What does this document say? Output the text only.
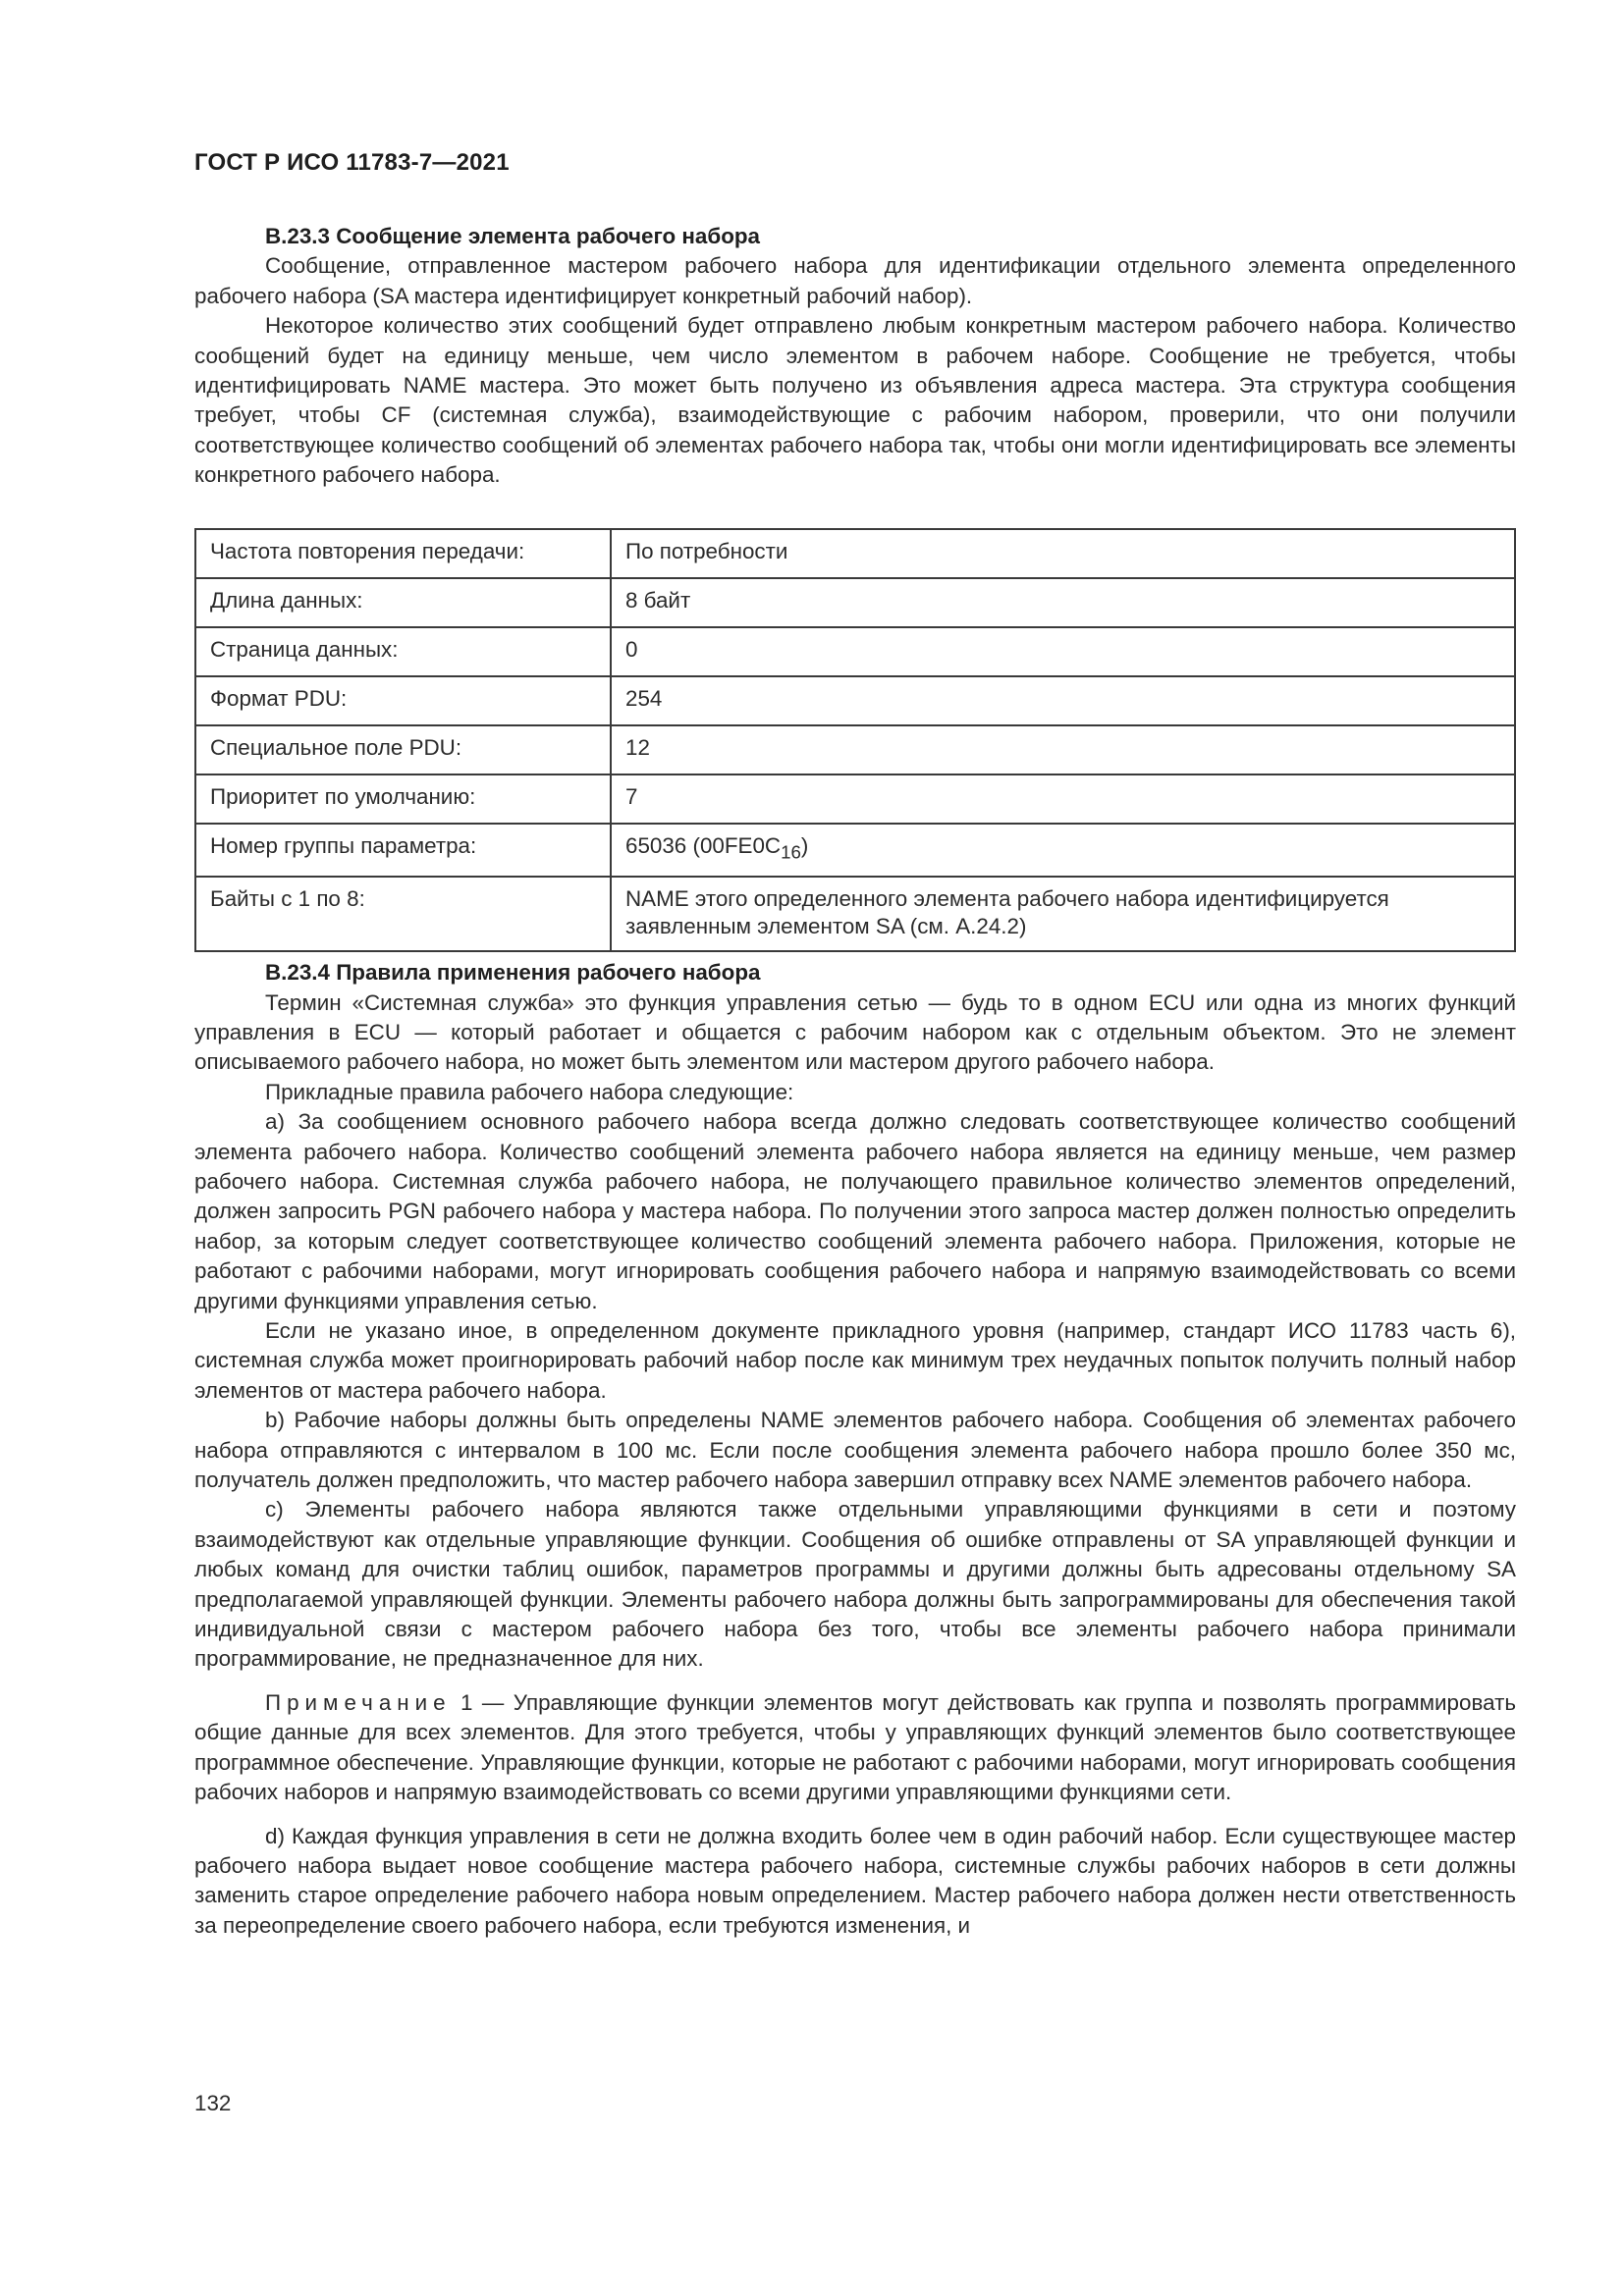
ГОСТ Р ИСО 11783-7—2021

B.23.3 Сообщение элемента рабочего набора

Сообщение, отправленное мастером рабочего набора для идентификации отдельного элемента определенного рабочего набора (SA мастера идентифицирует конкретный рабочий набор).

Некоторое количество этих сообщений будет отправлено любым конкретным мастером рабочего набора. Количество сообщений будет на единицу меньше, чем число элементом в рабочем наборе. Сообщение не требуется, чтобы идентифицировать NAME мастера. Это может быть получено из объявления адреса мастера. Эта структура сообщения требует, чтобы CF (системная служба), взаимодействующие с рабочим набором, проверили, что они получили соответствующее количество сообщений об элементах рабочего набора так, чтобы они могли идентифицировать все элементы конкретного рабочего набора.

Частота повторения передачи:	По потребности
Длина данных:	8 байт
Страница данных:	0
Формат PDU:	254
Специальное поле PDU:	12
Приоритет по умолчанию:	7
Номер группы параметра:	65036 $(00FE0C_{16})$
Байты с 1 по 8:	NAME этого определенного элемента рабочего набора идентифицируется заявленным элементом SA (см. A.24.2)

B.23.4 Правила применения рабочего набора

Термин «Системная служба» это функция управления сетью — будь то в одном ECU или одна из многих функций управления в ECU — который работает и общается с рабочим набором как с отдельным объектом. Это не элемент описываемого рабочего набора, но может быть элементом или мастером другого рабочего набора.

Прикладные правила рабочего набора следующие:

a) За сообщением основного рабочего набора всегда должно следовать соответствующее количество сообщений элемента рабочего набора. Количество сообщений элемента рабочего набора является на единицу меньше, чем размер рабочего набора. Системная служба рабочего набора, не получающего правильное количество элементов определений, должен запросить PGN рабочего набора у мастера набора. По получении этого запроса мастер должен полностью определить набор, за которым следует соответствующее количество сообщений элемента рабочего набора. Приложения, которые не работают с рабочими наборами, могут игнорировать сообщения рабочего набора и напрямую взаимодействовать со всеми другими функциями управления сетью.

Если не указано иное, в определенном документе прикладного уровня (например, стандарт ИСО 11783 часть 6), системная служба может проигнорировать рабочий набор после как минимум трех неудачных попыток получить полный набор элементов от мастера рабочего набора.

b) Рабочие наборы должны быть определены NAME элементов рабочего набора. Сообщения об элементах рабочего набора отправляются с интервалом в 100 мс. Если после сообщения элемента рабочего набора прошло более 350 мс, получатель должен предположить, что мастер рабочего набора завершил отправку всех NAME элементов рабочего набора.

c) Элементы рабочего набора являются также отдельными управляющими функциями в сети и поэтому взаимодействуют как отдельные управляющие функции. Сообщения об ошибке отправлены от SA управляющей функции и любых команд для очистки таблиц ошибок, параметров программы и другими должны быть адресованы отдельному SA предполагаемой управляющей функции. Элементы рабочего набора должны быть запрограммированы для обеспечения такой индивидуальной связи с мастером рабочего набора без того, чтобы все элементы рабочего набора принимали программирование, не предназначенное для них.

Примечание 1 — Управляющие функции элементов могут действовать как группа и позволять программировать общие данные для всех элементов. Для этого требуется, чтобы у управляющих функций элементов было соответствующее программное обеспечение. Управляющие функции, которые не работают с рабочими наборами, могут игнорировать сообщения рабочих наборов и напрямую взаимодействовать со всеми другими управляющими функциями сети.

d) Каждая функция управления в сети не должна входить более чем в один рабочий набор. Если существующее мастер рабочего набора выдает новое сообщение мастера рабочего набора, системные службы рабочих наборов в сети должны заменить старое определение рабочего набора новым определением. Мастер рабочего набора должен нести ответственность за переопределение своего рабочего набора, если требуются изменения, и

132
